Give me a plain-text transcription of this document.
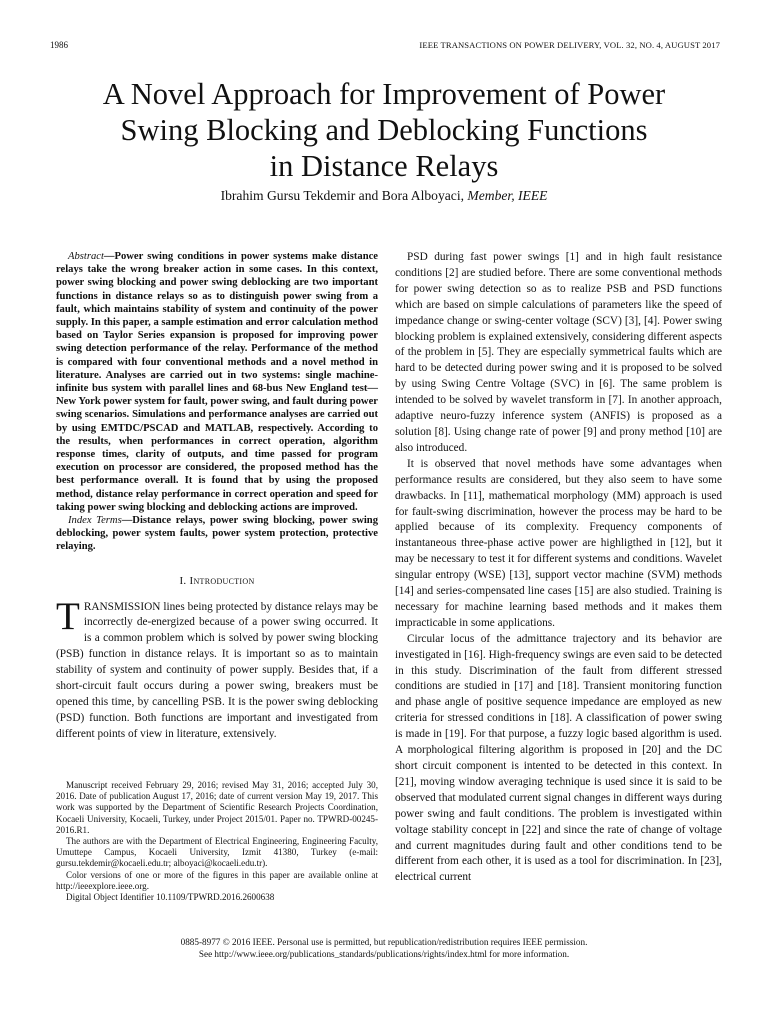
1986	IEEE TRANSACTIONS ON POWER DELIVERY, VOL. 32, NO. 4, AUGUST 2017
A Novel Approach for Improvement of Power
Swing Blocking and Deblocking Functions
in Distance Relays
Ibrahim Gursu Tekdemir and Bora Alboyaci, Member, IEEE

Abstract—Power swing conditions in power systems make distance relays take the wrong breaker action in some cases. In this context, power swing blocking and power swing deblocking are two important functions in distance relays so as to distinguish power swing from a fault, which maintains stability of system and continuity of the power supply. In this paper, a sample estimation and error calculation method based on Taylor Series expansion is proposed for improving power swing detection performance of the relay. Performance of the method is compared with four conventional methods and a novel method in literature. Analyses are carried out in two systems: single machine-infinite bus system with parallel lines and 68-bus New England test—New York power system for fault, power swing, and fault during power swing scenarios. Simulations and performance analyses are carried out by using EMTDC/PSCAD and MATLAB, respectively. According to the results, when performances in correct operation, algorithm response times, clarity of outputs, and time passed for program execution on processor are considered, the proposed method has the best performance overall. It is found that by using the proposed method, distance relay performance in correct operation and speed for taking power swing blocking and deblocking actions are improved.

Index Terms—Distance relays, power swing blocking, power swing deblocking, power system faults, power system protection, protective relaying.

I. Introduction

TRANSMISSION lines being protected by distance relays may be incorrectly de-energized because of a power swing occurred. It is a common problem which is solved by power swing blocking (PSB) function in distance relays. It is important so as to maintain stability of system and continuity of power supply. Besides that, if a short-circuit fault occurs during a power swing, breakers must be opened this time, by cancelling PSB. It is the power swing deblocking (PSD) function. Both functions are important and investigated from different points of view in literature, extensively.

Manuscript received February 29, 2016; revised May 31, 2016; accepted July 30, 2016. Date of publication August 17, 2016; date of current version May 19, 2017. This work was supported by the Department of Scientific Research Projects Coordination, Kocaeli University, Kocaeli, Turkey, under Project 2015/01. Paper no. TPWRD-00245-2016.R1.

The authors are with the Department of Electrical Engineering, Engineering Faculty, Umuttepe Campus, Kocaeli University, Izmit 41380, Turkey (e-mail: gursu.tekdemir@kocaeli.edu.tr; alboyaci@kocaeli.edu.tr).

Color versions of one or more of the figures in this paper are available online at http://ieeexplore.ieee.org.

Digital Object Identifier 10.1109/TPWRD.2016.2600638

PSD during fast power swings [1] and in high fault resistance conditions [2] are studied before. There are some conventional methods for power swing detection so as to realize PSB and PSD functions which are based on simple calculations of parameters like the speed of impedance change or swing-center voltage (SCV) [3], [4]. Power swing blocking problem is explained extensively, considering different aspects of the problem in [5]. They are especially symmetrical faults which are hard to be detected during power swing and it is proposed to be solved by using Swing Centre Voltage (SVC) in [6]. The same problem is intended to be solved by wavelet transform in [7]. In another approach, adaptive neuro-fuzzy inference system (ANFIS) is proposed as a solution [8]. Using change rate of power [9] and prony method [10] are also introduced.

It is observed that novel methods have some advantages when performance results are considered, but they also seem to have some drawbacks. In [11], mathematical morphology (MM) approach is used for fault-swing discrimination, however the process may be hard to be applied because of its complexity. Frequency components of instantaneous three-phase active power are highligthed in [12], but it may be necessary to test it for different systems and conditions. Wavelet singular entropy (WSE) [13], support vector machine (SVM) methods [14] and series-compensated line cases [15] are also studied. Training is necessary for machine learning based methods and it makes them impracticable in some applications.

Circular locus of the admittance trajectory and its behavior are investigated in [16]. High-frequency swings are even said to be detected in this study. Discrimination of the fault from different stressed conditions are studied in [17] and [18]. Transient monitoring function and phase angle of positive sequence impedance are employed as new criteria for stressed conditions in [18]. A classification of power swing is made in [19]. For that purpose, a fuzzy logic based algorithm is used. A morphological filtering algorithm is proposed in [20] and the DC short circuit component is intented to be detected in this context. In [21], moving window averaging technique is used since it is said to be observed that modulated current signal changes in different ways during power swing and fault conditions. The problem is investigated within voltage stability concept in [22] and since the rate of change of voltage and current magnitudes during fault and other conditions tend to be different from each other, it is used as a tool for discrimination. In [23], electrical current

0885-8977 © 2016 IEEE. Personal use is permitted, but republication/redistribution requires IEEE permission.
See http://www.ieee.org/publications_standards/publications/rights/index.html for more information.
